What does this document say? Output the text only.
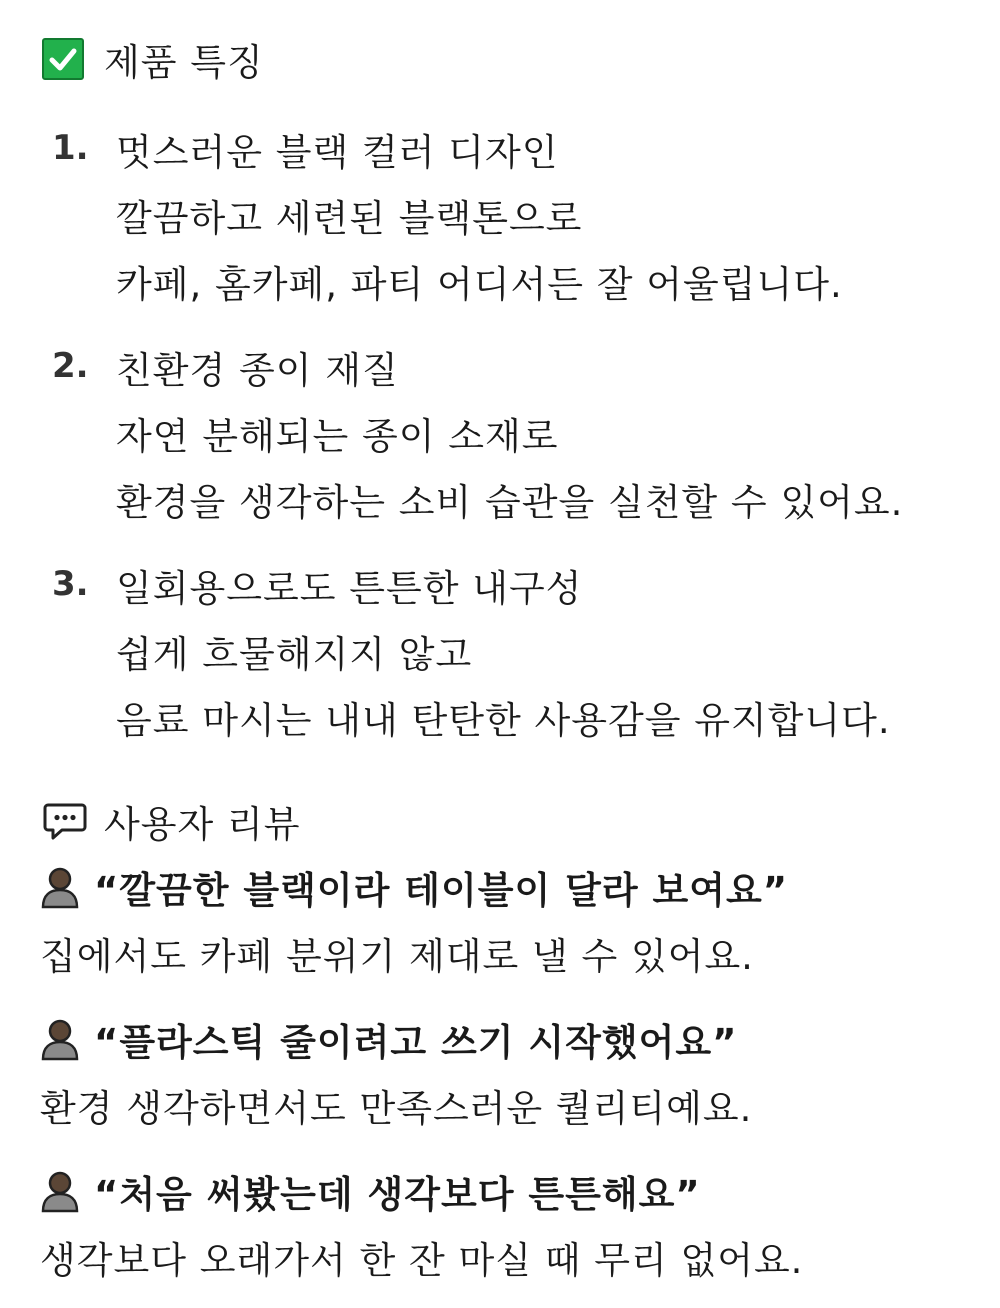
제품 특징
1. 멋스러운 블랙 컬러 디자인
깔끔하고 세련된 블랙톤으로
카페, 홈카페, 파티 어디서든 잘 어울립니다.
2. 친환경 종이 재질
자연 분해되는 종이 소재로
환경을 생각하는 소비 습관을 실천할 수 있어요.
3. 일회용으로도 튼튼한 내구성
쉽게 흐물해지지 않고
음료 마시는 내내 탄탄한 사용감을 유지합니다.
사용자 리뷰
“깔끔한 블랙이라 테이블이 달라 보여요”
집에서도 카페 분위기 제대로 낼 수 있어요.
“플라스틱 줄이려고 쓰기 시작했어요”
환경 생각하면서도 만족스러운 퀄리티예요.
“처음 써봤는데 생각보다 튼튼해요”
생각보다 오래가서 한 잔 마실 때 무리 없어요.
